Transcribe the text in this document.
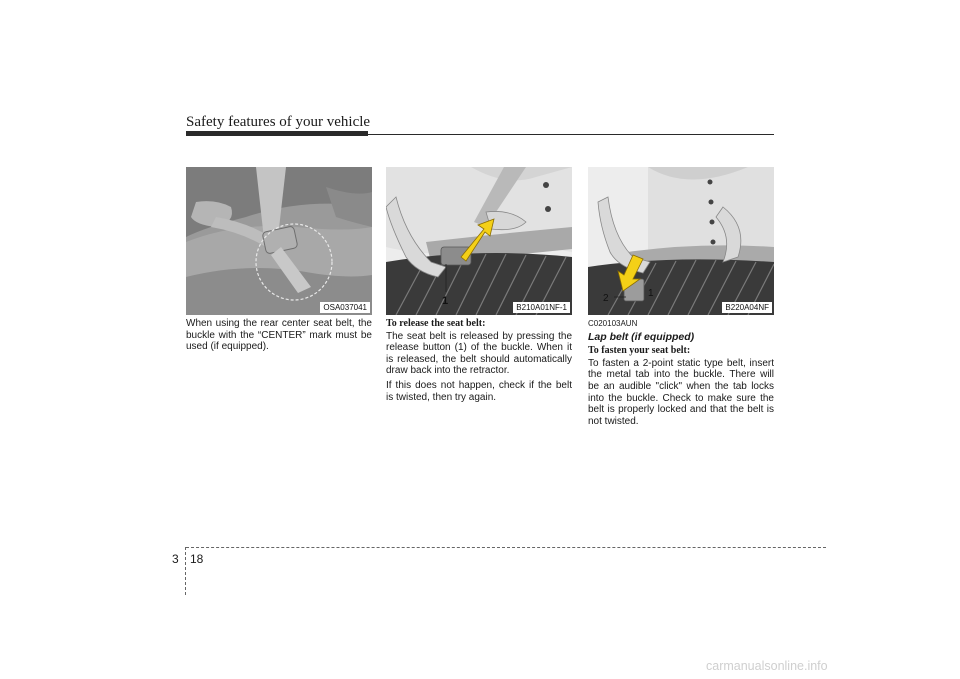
Safety features of your vehicle
OSA037041
1
B210A01NF-1
2	1
B220A04NF

When using the rear center seat belt, the buckle with the “CENTER” mark must be used (if equipped).

To release the seat belt:

The seat belt is released by pressing the release button (1) of the buckle. When it is released, the belt should automatically draw back into the retractor.

If this does not happen, check if the belt is twisted, then try again.

C020103AUN
Lap belt (if equipped)
To fasten your seat belt:

To fasten a 2-point static type belt, insert the metal tab into the buckle. There will be an audible "click" when the tab locks into the buckle. Check to make sure the belt is properly locked and that the belt is not twisted.

3 18
carmanualsonline.info
